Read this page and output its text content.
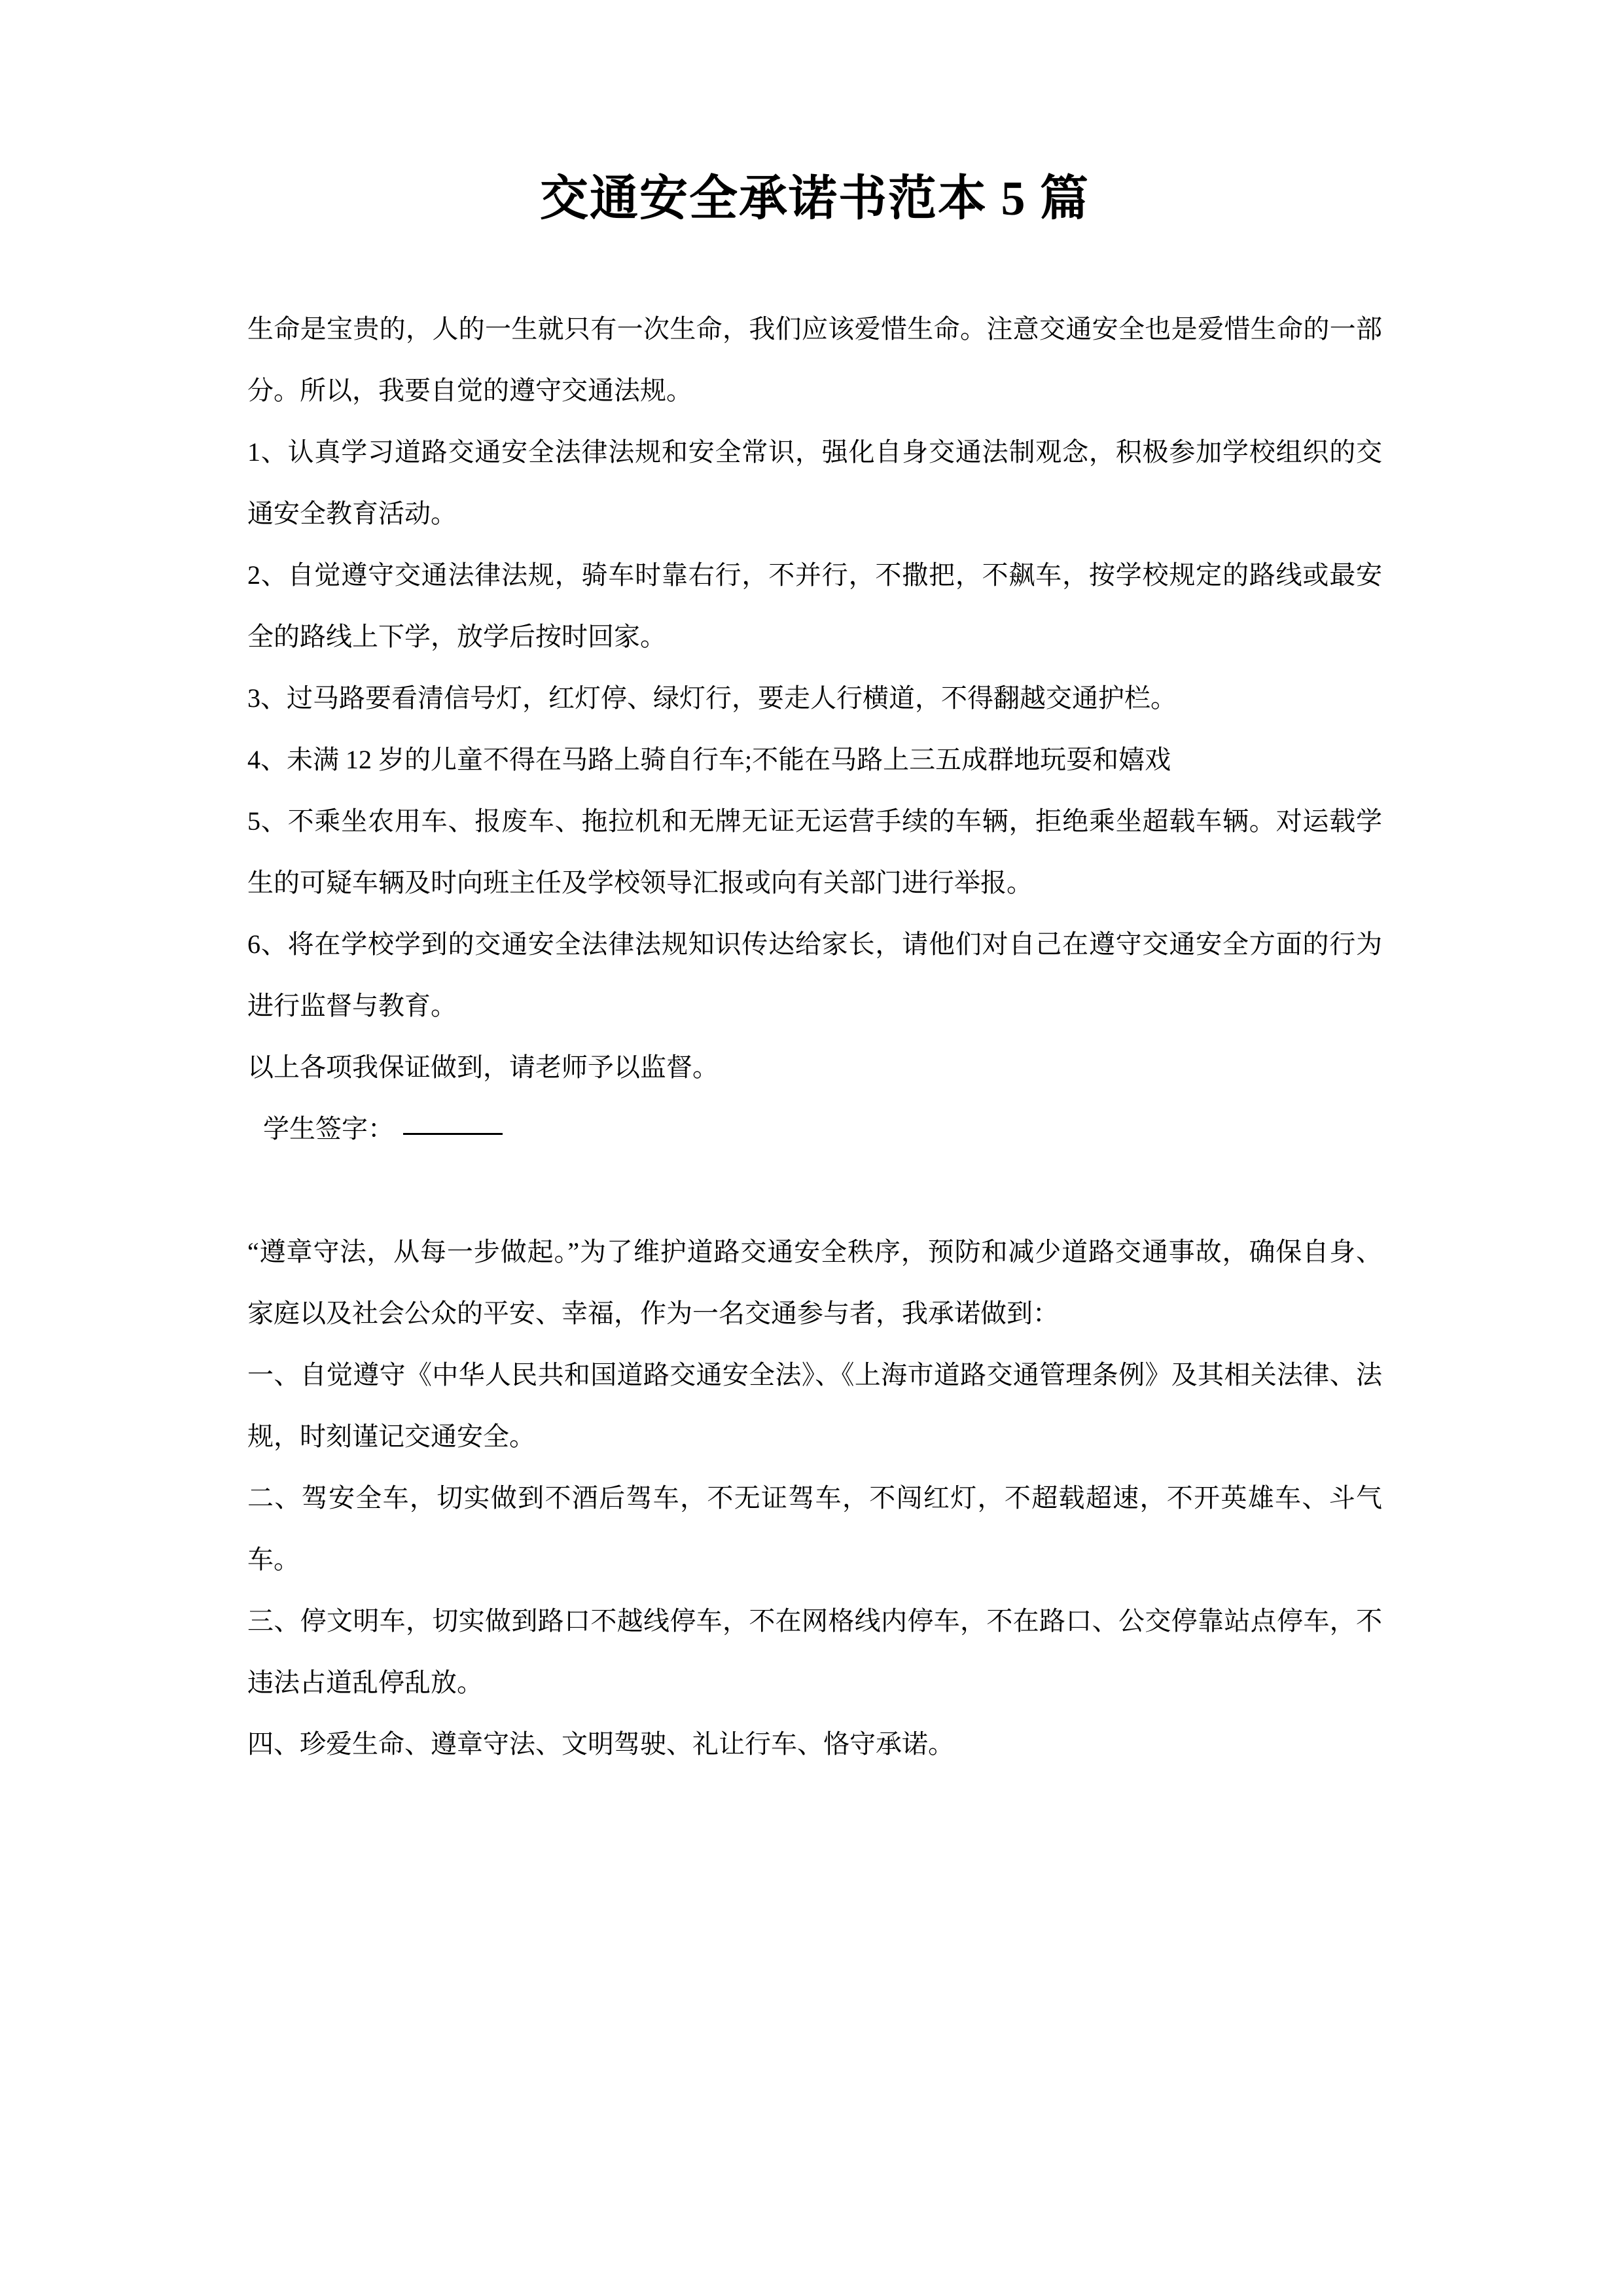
交通安全承诺书范本 5 篇

生命是宝贵的，人的一生就只有一次生命，我们应该爱惜生命。注意交通安全也是爱惜生命的一部分。所以，我要自觉的遵守交通法规。

1、认真学习道路交通安全法律法规和安全常识，强化自身交通法制观念，积极参加学校组织的交通安全教育活动。

2、自觉遵守交通法律法规，骑车时靠右行，不并行，不撒把，不飙车，按学校规定的路线或最安全的路线上下学，放学后按时回家。

3、过马路要看清信号灯，红灯停、绿灯行，要走人行横道，不得翻越交通护栏。

4、未满 12 岁的儿童不得在马路上骑自行车;不能在马路上三五成群地玩耍和嬉戏

5、不乘坐农用车、报废车、拖拉机和无牌无证无运营手续的车辆，拒绝乘坐超载车辆。对运载学生的可疑车辆及时向班主任及学校领导汇报或向有关部门进行举报。

6、将在学校学到的交通安全法律法规知识传达给家长，请他们对自己在遵守交通安全方面的行为进行监督与教育。

以上各项我保证做到，请老师予以监督。

学生签字：

“遵章守法，从每一步做起。”为了维护道路交通安全秩序，预防和减少道路交通事故，确保自身、家庭以及社会公众的平安、幸福，作为一名交通参与者，我承诺做到：

一、自觉遵守《中华人民共和国道路交通安全法》、《上海市道路交通管理条例》及其相关法律、法规，时刻谨记交通安全。

二、驾安全车，切实做到不酒后驾车，不无证驾车，不闯红灯，不超载超速，不开英雄车、斗气车。

三、停文明车，切实做到路口不越线停车，不在网格线内停车，不在路口、公交停靠站点停车，不违法占道乱停乱放。

四、珍爱生命、遵章守法、文明驾驶、礼让行车、恪守承诺。
